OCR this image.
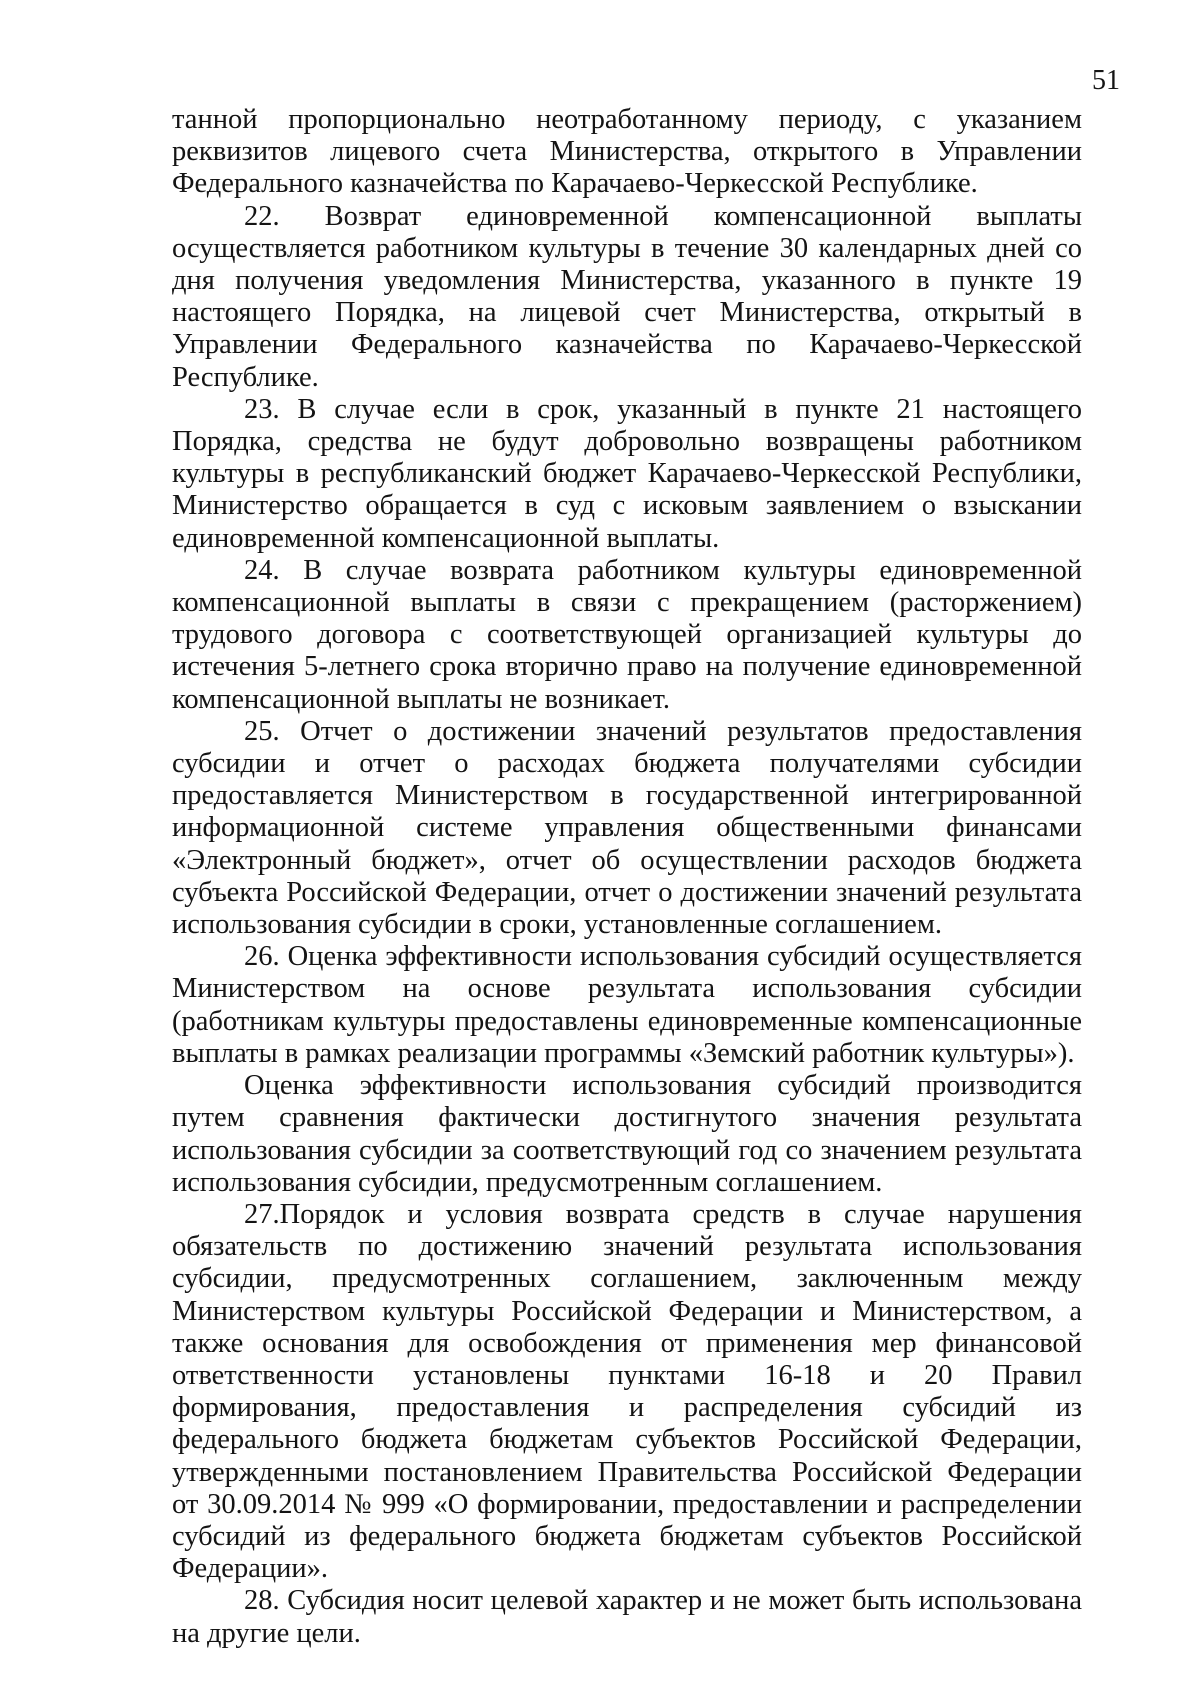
51

танной пропорционально неотработанному периоду, с указанием реквизитов лицевого счета Министерства, открытого в Управлении Федерального казначейства по Карачаево-Черкесской Республике.

22. Возврат единовременной компенсационной выплаты осуществляется работником культуры в течение 30 календарных дней со дня получения уведомления Министерства, указанного в пункте 19 настоящего Порядка, на лицевой счет Министерства, открытый в Управлении Федерального казначейства по Карачаево-Черкесской Республике.

23. В случае если в срок, указанный в пункте 21 настоящего Порядка, средства не будут добровольно возвращены работником культуры в республиканский бюджет Карачаево-Черкесской Республики, Министерство обращается в суд с исковым заявлением о взыскании единовременной компенсационной выплаты.

24. В случае возврата работником культуры единовременной компенсационной выплаты в связи с прекращением (расторжением) трудового договора с соответствующей организацией культуры до истечения 5-летнего срока вторично право на получение единовременной компенсационной выплаты не возникает.

25. Отчет о достижении значений результатов предоставления субсидии и отчет о расходах бюджета получателями субсидии предоставляется Министерством в государственной интегрированной информационной системе управления общественными финансами «Электронный бюджет», отчет об осуществлении расходов бюджета субъекта Российской Федерации, отчет о достижении значений результата использования субсидии в сроки, установленные соглашением.

26. Оценка эффективности использования субсидий осуществляется Министерством на основе результата использования субсидии (работникам культуры предоставлены единовременные компенсационные выплаты в рамках реализации программы «Земский работник культуры»).

Оценка эффективности использования субсидий производится путем сравнения фактически достигнутого значения результата использования субсидии за соответствующий год со значением результата использования субсидии, предусмотренным соглашением.

27.Порядок и условия возврата средств в случае нарушения обязательств по достижению значений результата использования субсидии, предусмотренных соглашением, заключенным между Министерством культуры Российской Федерации и Министерством, а также основания для освобождения от применения мер финансовой ответственности установлены пунктами 16-18 и 20 Правил формирования, предоставления и распределения субсидий из федерального бюджета бюджетам субъектов Российской Федерации, утвержденными постановлением Правительства Российской Федерации от 30.09.2014 № 999 «О формировании, предоставлении и распределении субсидий из федерального бюджета бюджетам субъектов Российской Федерации».

28. Субсидия носит целевой характер и не может быть использована на другие цели.
